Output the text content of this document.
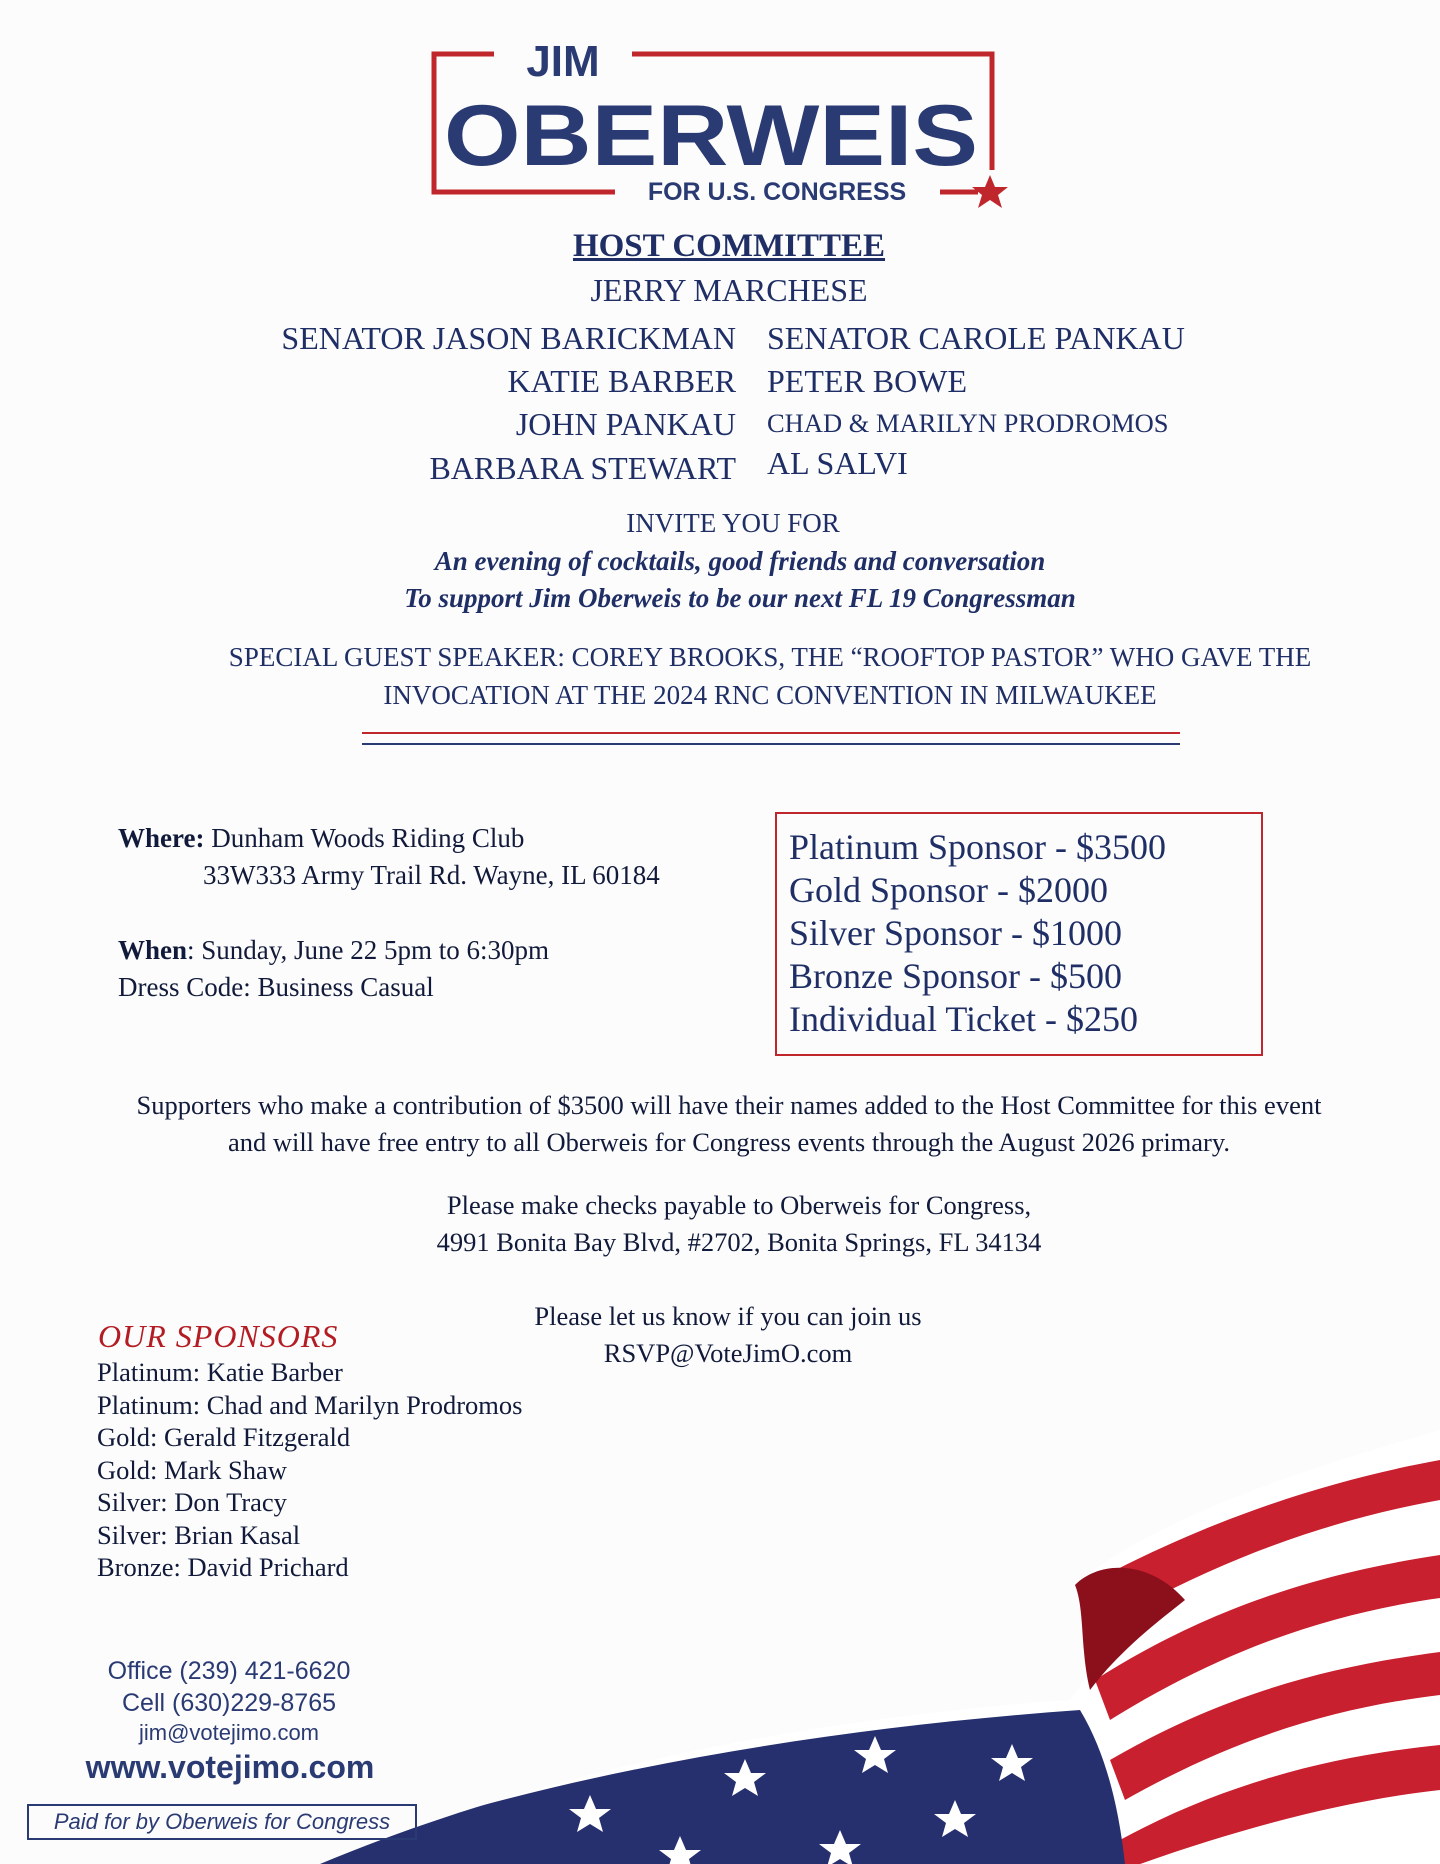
JIM
OBERWEIS
FOR U.S. CONGRESS
HOST COMMITTEE
JERRY MARCHESE
SENATOR JASON BARICKMAN
KATIE BARBER
JOHN PANKAU
BARBARA STEWART
SENATOR CAROLE PANKAU
PETER BOWE
CHAD & MARILYN PRODROMOS
AL SALVI
INVITE YOU FOR
An evening of cocktails, good friends and conversation
To support Jim Oberweis to be our next FL 19 Congressman
SPECIAL GUEST SPEAKER: COREY BROOKS, THE “ROOFTOP PASTOR” WHO GAVE THE INVOCATION AT THE 2024 RNC CONVENTION IN MILWAUKEE
Where: Dunham Woods Riding Club
33W333 Army Trail Rd. Wayne, IL 60184
When: Sunday, June 22 5pm to 6:30pm
Dress Code: Business Casual
Platinum Sponsor - $3500
Gold Sponsor - $2000
Silver Sponsor - $1000
Bronze Sponsor - $500
Individual Ticket - $250
Supporters who make a contribution of $3500 will have their names added to the Host Committee for this event
and will have free entry to all Oberweis for Congress events through the August 2026 primary.
Please make checks payable to Oberweis for Congress,
4991 Bonita Bay Blvd, #2702, Bonita Springs, FL 34134
Please let us know if you can join us
RSVP@VoteJimO.com
OUR SPONSORS
Platinum: Katie Barber
Platinum: Chad and Marilyn Prodromos
Gold: Gerald Fitzgerald
Gold: Mark Shaw
Silver: Don Tracy
Silver: Brian Kasal
Bronze: David Prichard
Office (239) 421-6620
Cell (630)229-8765
jim@votejimo.com
www.votejimo.com
Paid for by Oberweis for Congress
